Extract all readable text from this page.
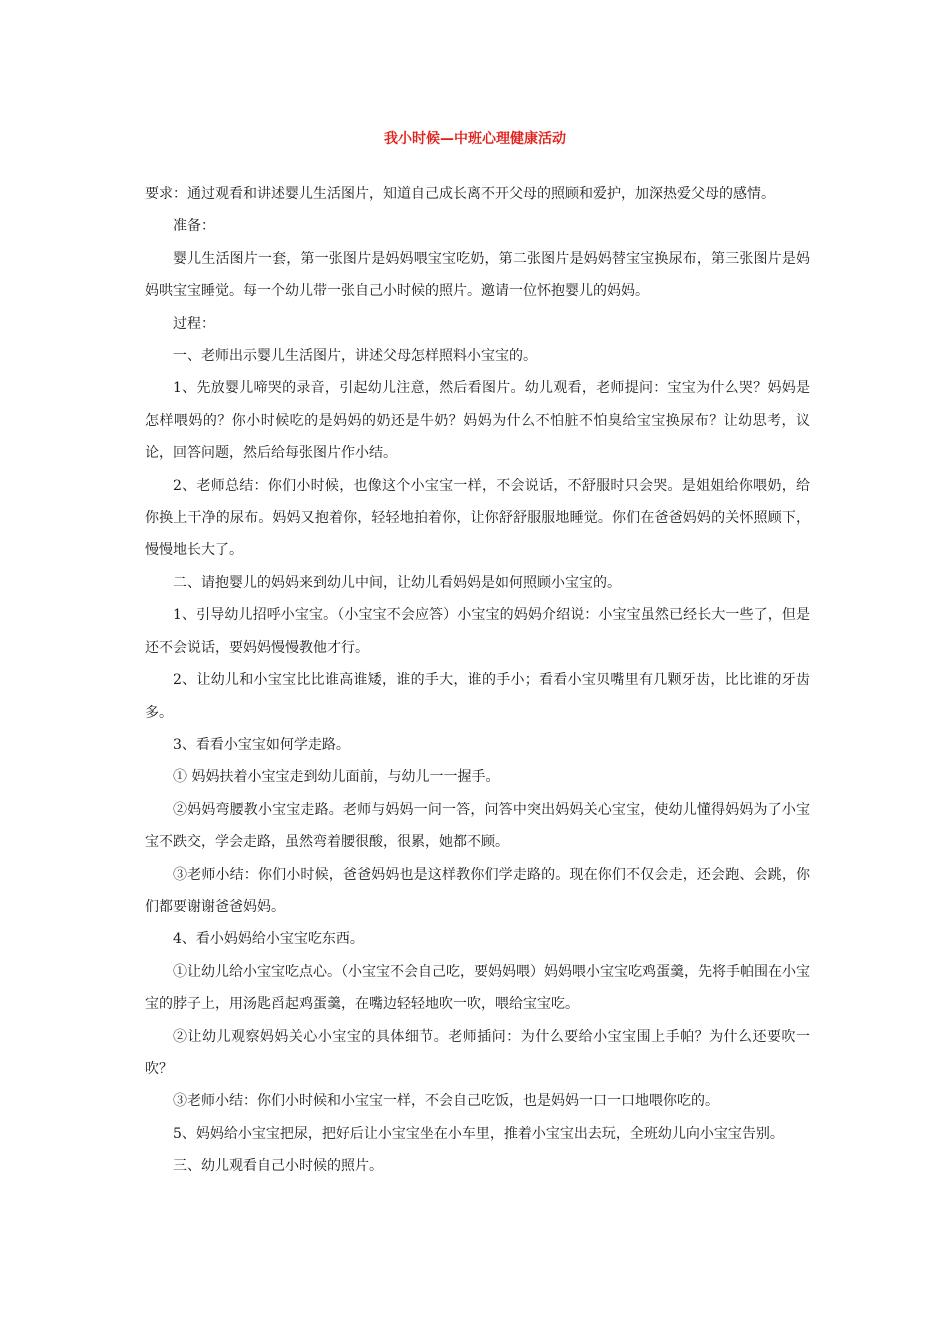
我小时候—中班心理健康活动

要求：通过观看和讲述婴儿生活图片，知道自己成长离不开父母的照顾和爱护，加深热爱父母的感情。

准备：

婴儿生活图片一套，第一张图片是妈妈喂宝宝吃奶，第二张图片是妈妈替宝宝换尿布，第三张图片是妈妈哄宝宝睡觉。每一个幼儿带一张自己小时候的照片。邀请一位怀抱婴儿的妈妈。

过程：

一、老师出示婴儿生活图片，讲述父母怎样照料小宝宝的。

1、先放婴儿啼哭的录音，引起幼儿注意，然后看图片。幼儿观看，老师提问：宝宝为什么哭？妈妈是怎样喂妈的？你小时候吃的是妈妈的奶还是牛奶？妈妈为什么不怕脏不怕臭给宝宝换尿布？让幼思考，议论，回答问题，然后给每张图片作小结。

2、老师总结：你们小时候，也像这个小宝宝一样，不会说话，不舒服时只会哭。是姐姐给你喂奶，给你换上干净的尿布。妈妈又抱着你，轻轻地拍着你，让你舒舒服服地睡觉。你们在爸爸妈妈的关怀照顾下，慢慢地长大了。

二、请抱婴儿的妈妈来到幼儿中间，让幼儿看妈妈是如何照顾小宝宝的。

1、引导幼儿招呼小宝宝。（小宝宝不会应答）小宝宝的妈妈介绍说：小宝宝虽然已经长大一些了，但是还不会说话，要妈妈慢慢教他才行。

2、让幼儿和小宝宝比比谁高谁矮，谁的手大，谁的手小；看看小宝贝嘴里有几颗牙齿，比比谁的牙齿多。

3、看看小宝宝如何学走路。

① 妈妈扶着小宝宝走到幼儿面前，与幼儿一一握手。

②妈妈弯腰教小宝宝走路。老师与妈妈一问一答，问答中突出妈妈关心宝宝，使幼儿懂得妈妈为了小宝宝不跌交，学会走路，虽然弯着腰很酸，很累，她都不顾。

③老师小结：你们小时候，爸爸妈妈也是这样教你们学走路的。现在你们不仅会走，还会跑、会跳，你们都要谢谢爸爸妈妈。

4、看小妈妈给小宝宝吃东西。

①让幼儿给小宝宝吃点心。（小宝宝不会自己吃，要妈妈喂）妈妈喂小宝宝吃鸡蛋羹，先将手帕围在小宝宝的脖子上，用汤匙舀起鸡蛋羹，在嘴边轻轻地吹一吹，喂给宝宝吃。

②让幼儿观察妈妈关心小宝宝的具体细节。老师插问：为什么要给小宝宝围上手帕？为什么还要吹一吹？

③老师小结：你们小时候和小宝宝一样，不会自己吃饭，也是妈妈一口一口地喂你吃的。

5、妈妈给小宝宝把尿，把好后让小宝宝坐在小车里，推着小宝宝出去玩，全班幼儿向小宝宝告别。

三、幼儿观看自己小时候的照片。
